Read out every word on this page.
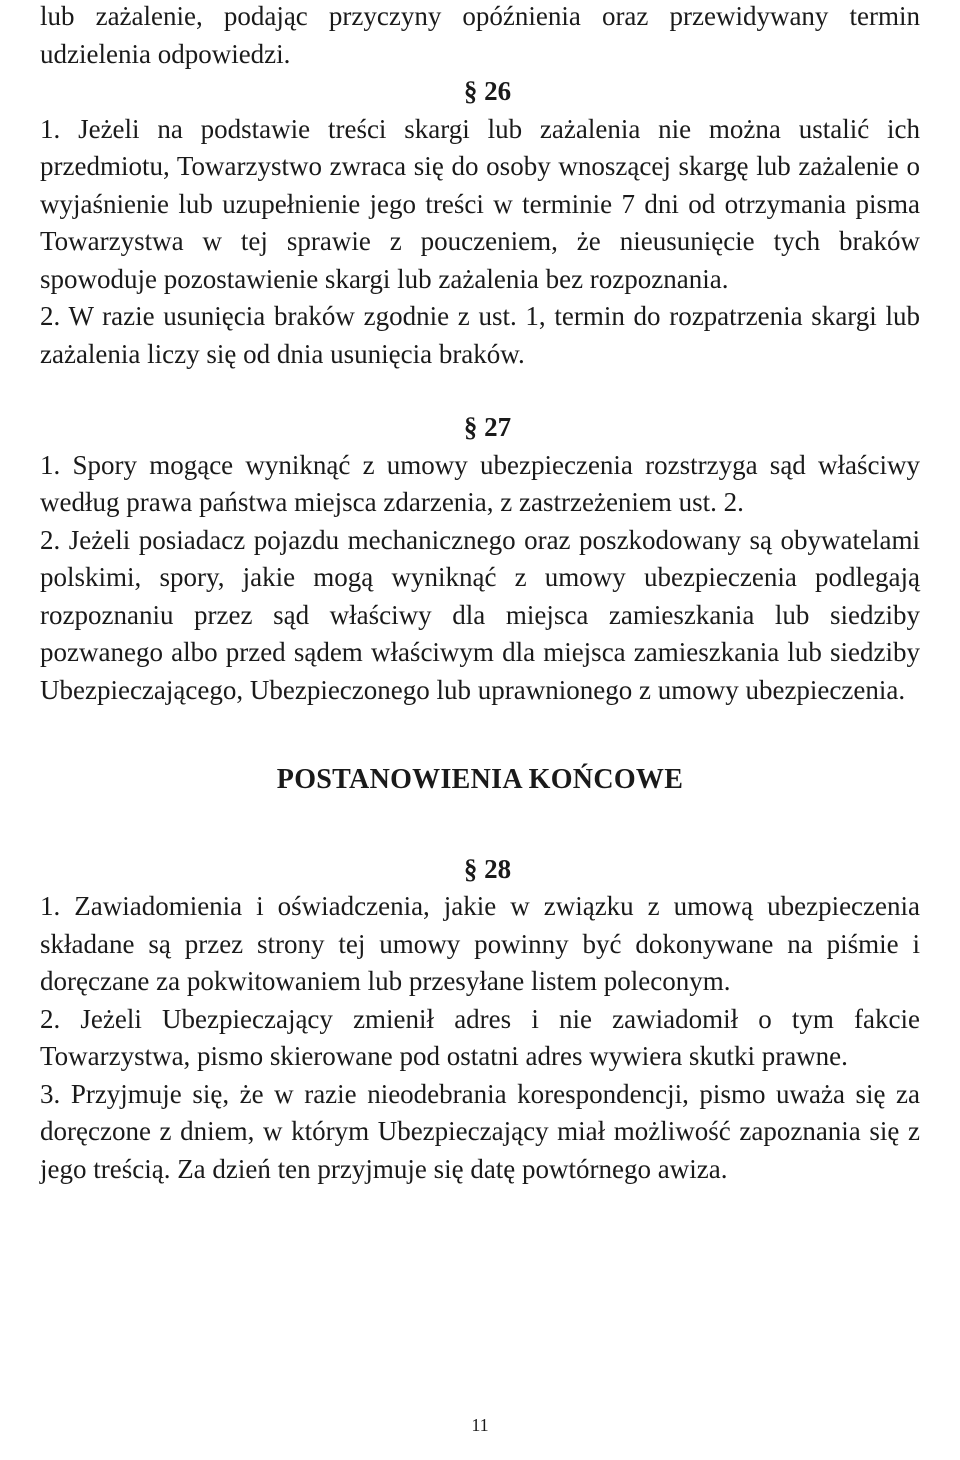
lub zażalenie, podając przyczyny opóźnienia oraz przewidywany termin udzielenia odpowiedzi.

§ 26

1. Jeżeli na podstawie treści skargi lub zażalenia nie można ustalić ich przedmiotu, Towarzystwo zwraca się do osoby wnoszącej skargę lub zażalenie o wyjaśnienie lub uzupełnienie jego treści w terminie 7 dni od otrzymania pisma Towarzystwa w tej sprawie z pouczeniem, że nieusunięcie tych braków spowoduje pozostawienie skargi lub zażalenia bez rozpoznania.

2. W razie usunięcia braków zgodnie z ust. 1, termin do rozpatrzenia skargi lub zażalenia liczy się od dnia usunięcia braków.

§ 27

1. Spory mogące wyniknąć z umowy ubezpieczenia rozstrzyga sąd właściwy według prawa państwa miejsca zdarzenia, z zastrzeżeniem ust. 2.

2. Jeżeli posiadacz pojazdu mechanicznego oraz poszkodowany są obywatelami polskimi, spory, jakie mogą wyniknąć z umowy ubezpieczenia podlegają rozpoznaniu przez sąd właściwy dla miejsca zamieszkania lub siedziby pozwanego albo przed sądem właściwym dla miejsca zamieszkania lub siedziby Ubezpieczającego, Ubezpieczonego lub uprawnionego z umowy ubezpieczenia.

POSTANOWIENIA KOŃCOWE

§ 28

1. Zawiadomienia i oświadczenia, jakie w związku z umową ubezpieczenia składane są przez strony tej umowy powinny być dokonywane na piśmie i doręczane za pokwitowaniem lub przesyłane listem poleconym.

2. Jeżeli Ubezpieczający zmienił adres i nie zawiadomił o tym fakcie Towarzystwa, pismo skierowane pod ostatni adres wywiera skutki prawne.

3. Przyjmuje się, że w razie nieodebrania korespondencji, pismo uważa się za doręczone z dniem, w którym Ubezpieczający miał możliwość zapoznania się z jego treścią. Za dzień ten przyjmuje się datę powtórnego awiza.

11
